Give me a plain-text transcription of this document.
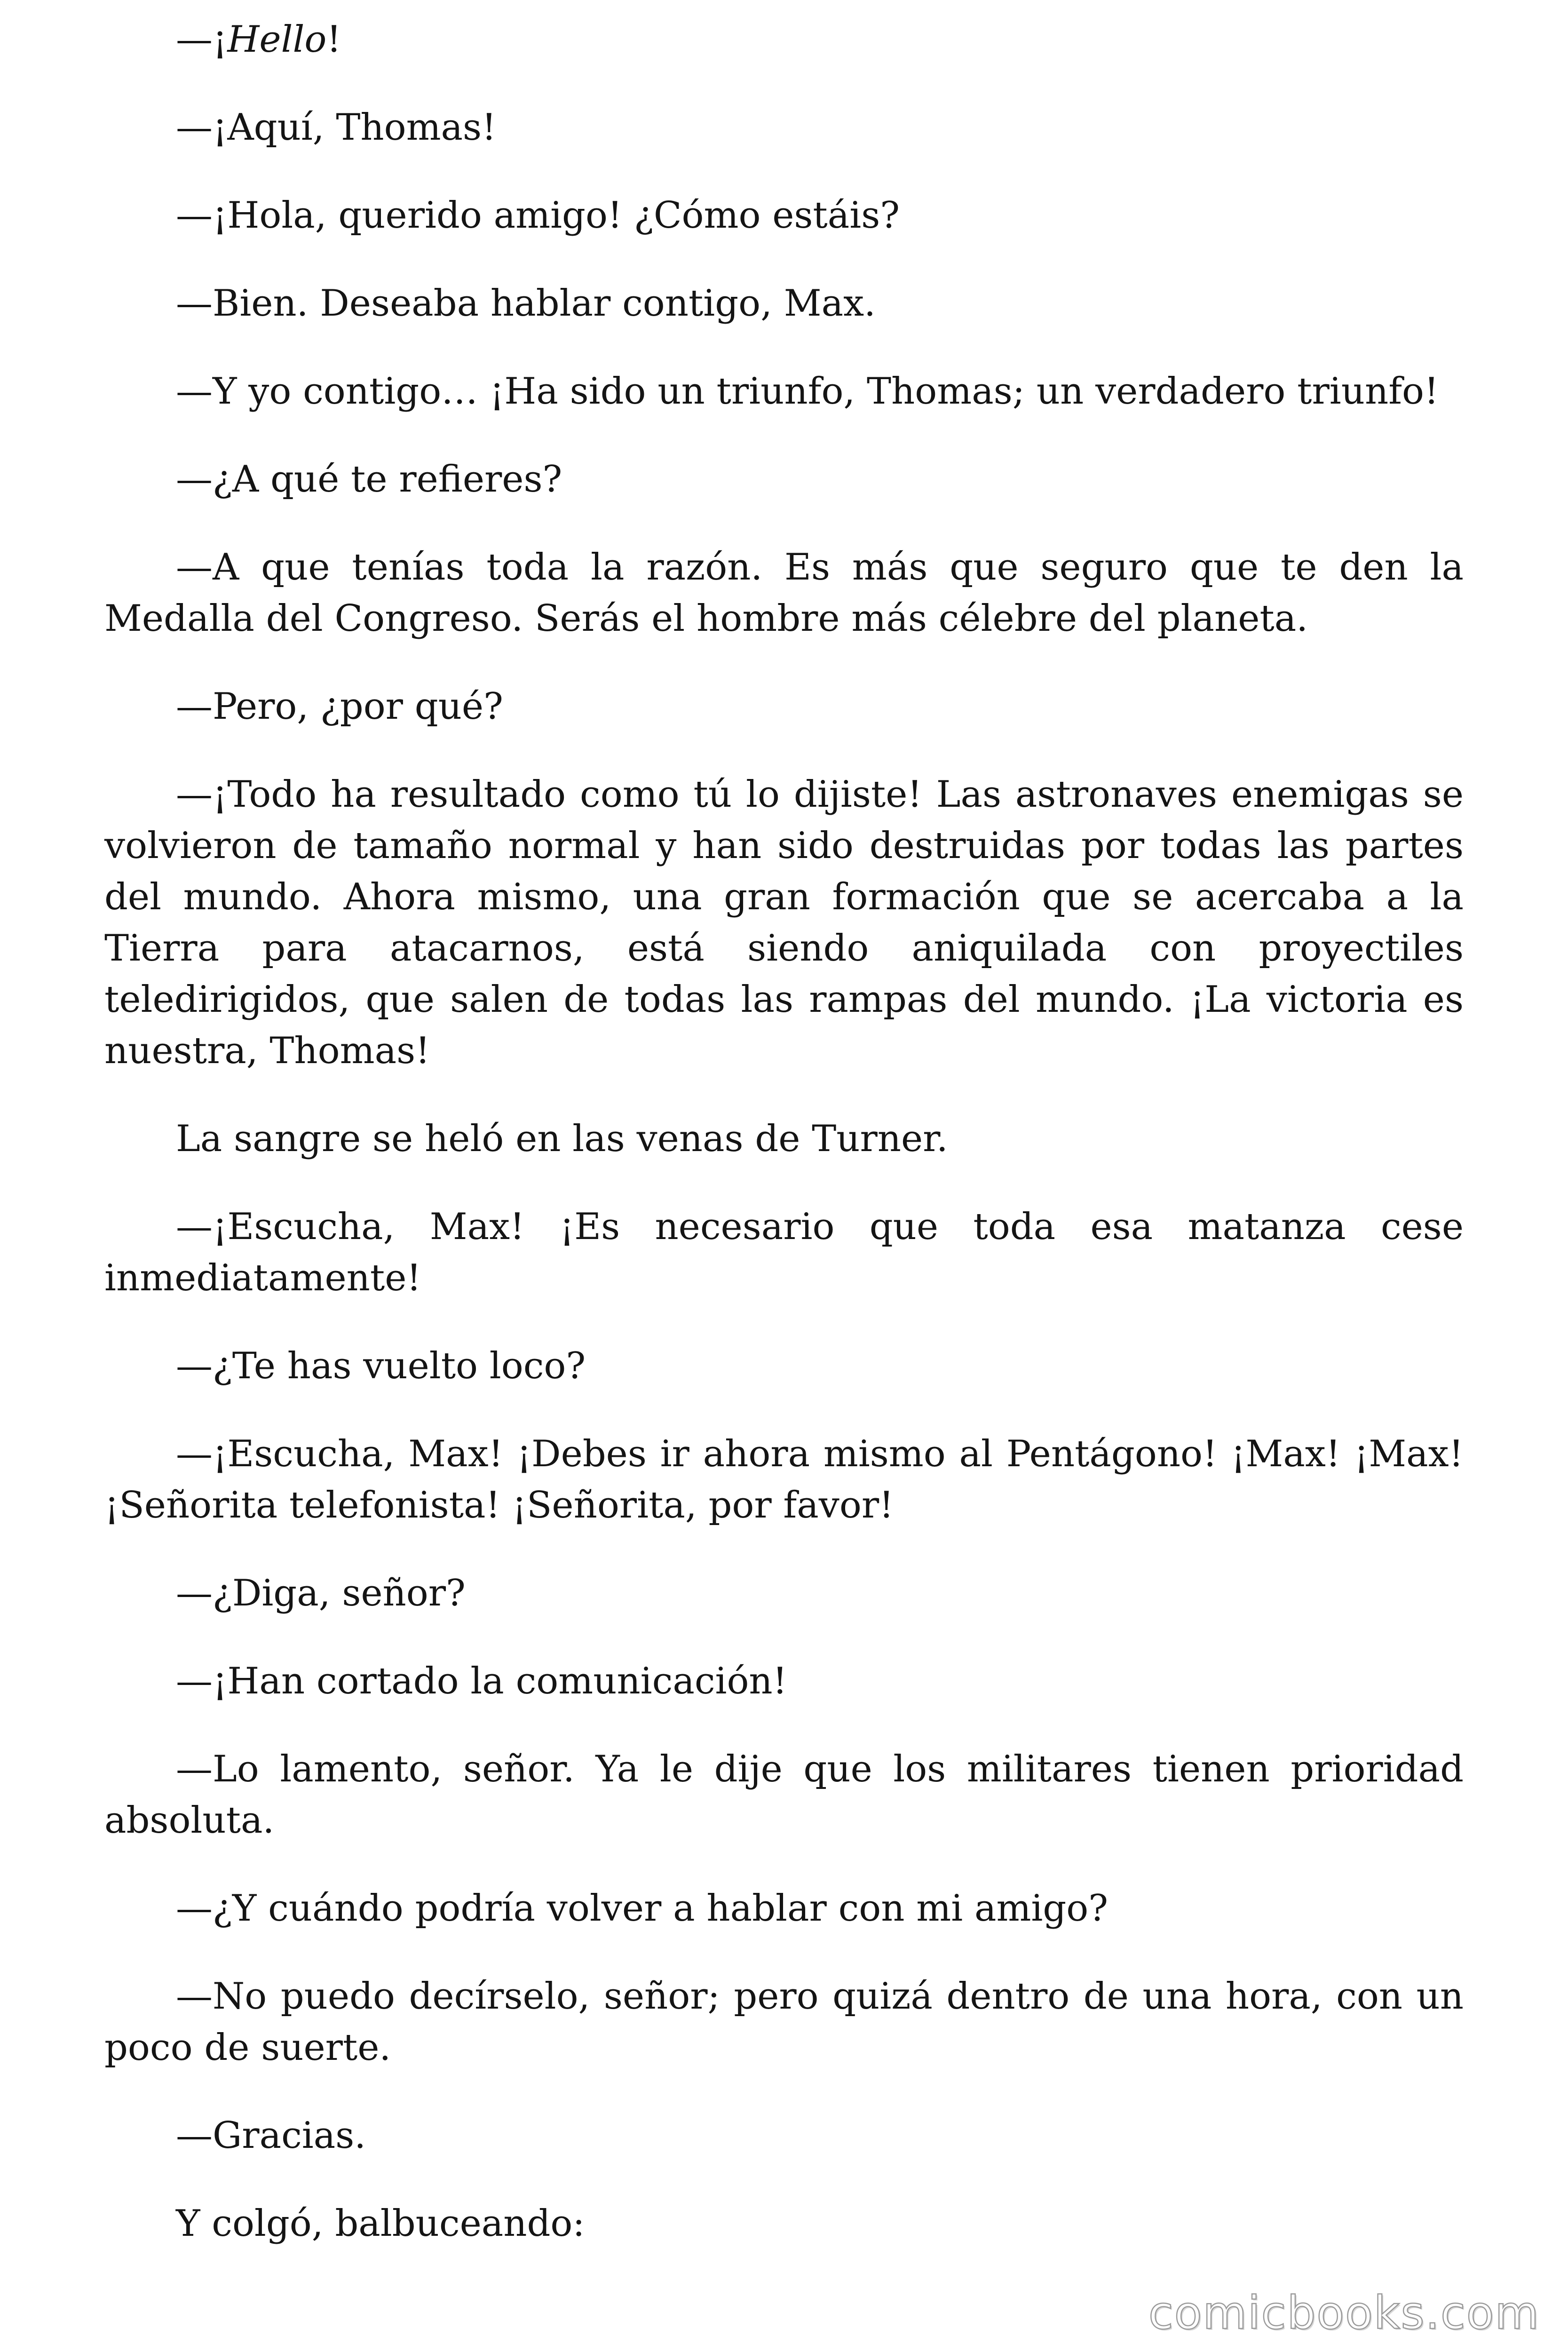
—¡Hello!

—¡Aquí, Thomas!

—¡Hola, querido amigo! ¿Cómo estáis?

—Bien. Deseaba hablar contigo, Max.

—Y yo contigo… ¡Ha sido un triunfo, Thomas; un verdadero triunfo!

—¿A qué te refieres?

—A que tenías toda la razón. Es más que seguro que te den la Medalla del Congreso. Serás el hombre más célebre del planeta.

—Pero, ¿por qué?

—¡Todo ha resultado como tú lo dijiste! Las astronaves enemigas se volvieron de tamaño normal y han sido destruidas por todas las partes del mundo. Ahora mismo, una gran formación que se acercaba a la Tierra para atacarnos, está siendo aniquilada con proyectiles teledirigidos, que salen de todas las rampas del mundo. ¡La victoria es nuestra, Thomas!

La sangre se heló en las venas de Turner.

—¡Escucha, Max! ¡Es necesario que toda esa matanza cese inmediatamente!

—¿Te has vuelto loco?

—¡Escucha, Max! ¡Debes ir ahora mismo al Pentágono! ¡Max! ¡Max! ¡Señorita telefonista! ¡Señorita, por favor!

—¿Diga, señor?

—¡Han cortado la comunicación!

—Lo lamento, señor. Ya le dije que los militares tienen prioridad absoluta.

—¿Y cuándo podría volver a hablar con mi amigo?

—No puedo decírselo, señor; pero quizá dentro de una hora, con un poco de suerte.

—Gracias.

Y colgó, balbuceando:

comicbooks.com
